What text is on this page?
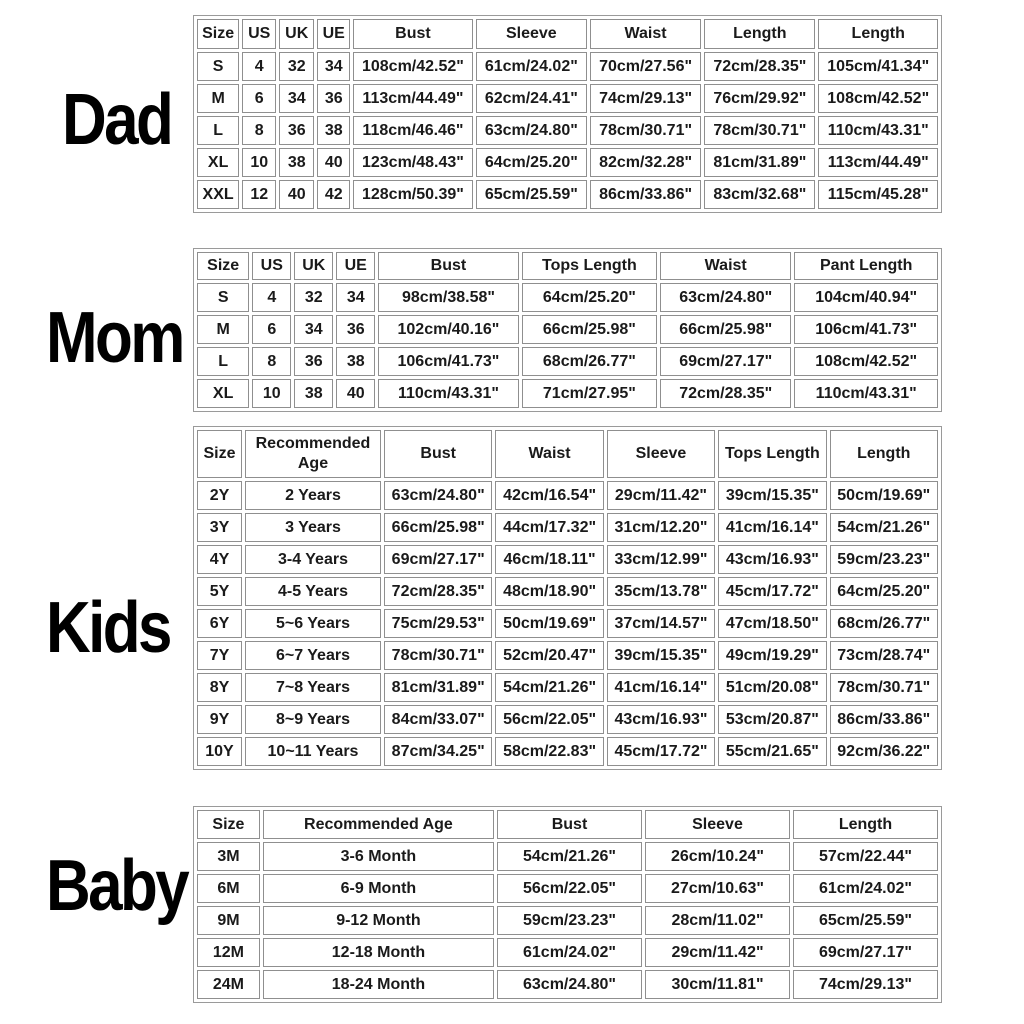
Dad
Mom
Kids
Baby
Size	US	UK	UE	Bust	Sleeve	Waist	Length	Length
S	4	32	34	108cm/42.52"	61cm/24.02"	70cm/27.56"	72cm/28.35"	105cm/41.34"
M	6	34	36	113cm/44.49"	62cm/24.41"	74cm/29.13"	76cm/29.92"	108cm/42.52"
L	8	36	38	118cm/46.46"	63cm/24.80"	78cm/30.71"	78cm/30.71"	110cm/43.31"
XL	10	38	40	123cm/48.43"	64cm/25.20"	82cm/32.28"	81cm/31.89"	113cm/44.49"
XXL	12	40	42	128cm/50.39"	65cm/25.59"	86cm/33.86"	83cm/32.68"	115cm/45.28"
Size	US	UK	UE	Bust	Tops Length	Waist	Pant Length
S	4	32	34	98cm/38.58"	64cm/25.20"	63cm/24.80"	104cm/40.94"
M	6	34	36	102cm/40.16"	66cm/25.98"	66cm/25.98"	106cm/41.73"
L	8	36	38	106cm/41.73"	68cm/26.77"	69cm/27.17"	108cm/42.52"
XL	10	38	40	110cm/43.31"	71cm/27.95"	72cm/28.35"	110cm/43.31"
Size	Recommended Age	Bust	Waist	Sleeve	Tops Length	Length
2Y	2 Years	63cm/24.80"	42cm/16.54"	29cm/11.42"	39cm/15.35"	50cm/19.69"
3Y	3 Years	66cm/25.98"	44cm/17.32"	31cm/12.20"	41cm/16.14"	54cm/21.26"
4Y	3-4 Years	69cm/27.17"	46cm/18.11"	33cm/12.99"	43cm/16.93"	59cm/23.23"
5Y	4-5 Years	72cm/28.35"	48cm/18.90"	35cm/13.78"	45cm/17.72"	64cm/25.20"
6Y	5~6 Years	75cm/29.53"	50cm/19.69"	37cm/14.57"	47cm/18.50"	68cm/26.77"
7Y	6~7 Years	78cm/30.71"	52cm/20.47"	39cm/15.35"	49cm/19.29"	73cm/28.74"
8Y	7~8 Years	81cm/31.89"	54cm/21.26"	41cm/16.14"	51cm/20.08"	78cm/30.71"
9Y	8~9 Years	84cm/33.07"	56cm/22.05"	43cm/16.93"	53cm/20.87"	86cm/33.86"
10Y	10~11 Years	87cm/34.25"	58cm/22.83"	45cm/17.72"	55cm/21.65"	92cm/36.22"
Size	Recommended Age	Bust	Sleeve	Length
3M	3-6 Month	54cm/21.26"	26cm/10.24"	57cm/22.44"
6M	6-9 Month	56cm/22.05"	27cm/10.63"	61cm/24.02"
9M	9-12 Month	59cm/23.23"	28cm/11.02"	65cm/25.59"
12M	12-18 Month	61cm/24.02"	29cm/11.42"	69cm/27.17"
24M	18-24 Month	63cm/24.80"	30cm/11.81"	74cm/29.13"
